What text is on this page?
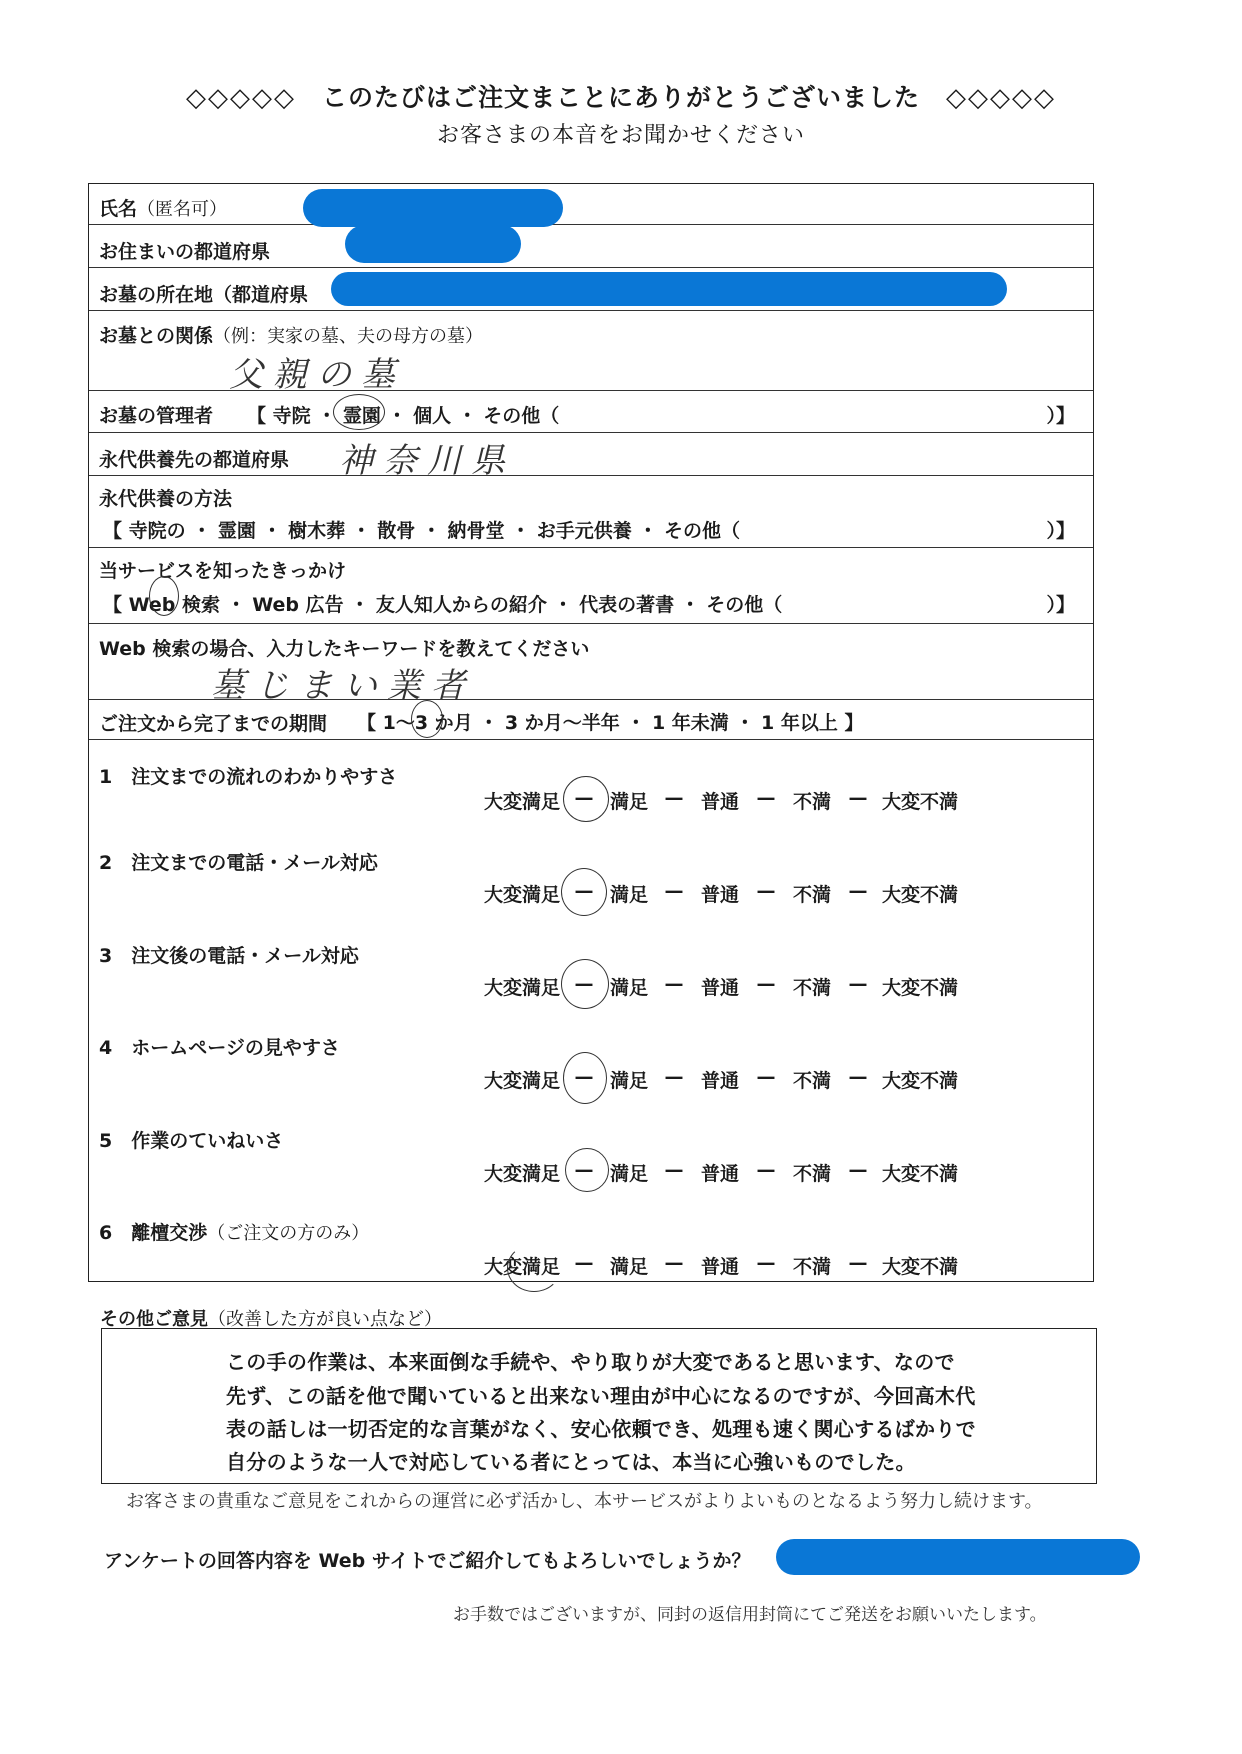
◇◇◇◇◇ このたびはご注文まことにありがとうございました ◇◇◇◇◇
お客さまの本音をお聞かせください
氏名（匿名可）
お住まいの都道府県
お墓の所在地（都道府県
お墓との関係（例：実家の墓、夫の母方の墓）
父親の墓
お墓の管理者 【 寺院 ・ 霊園 ・ 個人 ・ その他（	）】
永代供養先の都道府県 神奈川県
永代供養の方法
【 寺院の ・ 霊園 ・ 樹木葬 ・ 散骨 ・ 納骨堂 ・ お手元供養 ・ その他（	）】
当サービスを知ったきっかけ
【 Web 検索 ・ Web 広告 ・ 友人知人からの紹介 ・ 代表の著書 ・ その他（	）】
Web 検索の場合、入力したキーワードを教えてください
墓じまい業者
ご注文から完了までの期間 【 1〜3 か月 ・ 3 か月〜半年 ・ 1 年未満 ・ 1 年以上 】
1　 注文までの流れのわかりやすさ
大変満足 — 満足 — 普通 — 不満 — 大変不満
2　 注文までの電話・メール対応
大変満足 — 満足 — 普通 — 不満 — 大変不満
3　 注文後の電話・メール対応
大変満足 — 満足 — 普通 — 不満 — 大変不満
4　 ホームページの見やすさ
大変満足 — 満足 — 普通 — 不満 — 大変不満
5　 作業のていねいさ
大変満足 — 満足 — 普通 — 不満 — 大変不満
6　 離檀交渉（ご注文の方のみ）
大変満足 — 満足 — 普通 — 不満 — 大変不満
その他ご意見（改善した方が良い点など）
この手の作業は、本来面倒な手続や、やり取りが大変であると思います、なので
先ず、この話を他で聞いていると出来ない理由が中心になるのですが、今回高木代
表の話しは一切否定的な言葉がなく、安心依頼でき、処理も速く関心するばかりで
自分のような一人で対応している者にとっては、本当に心強いものでした。
お客さまの貴重なご意見をこれからの運営に必ず活かし、本サービスがよりよいものとなるよう努力し続けます。
アンケートの回答内容を Web サイトでご紹介してもよろしいでしょうか？
お手数ではございますが、同封の返信用封筒にてご発送をお願いいたします。
